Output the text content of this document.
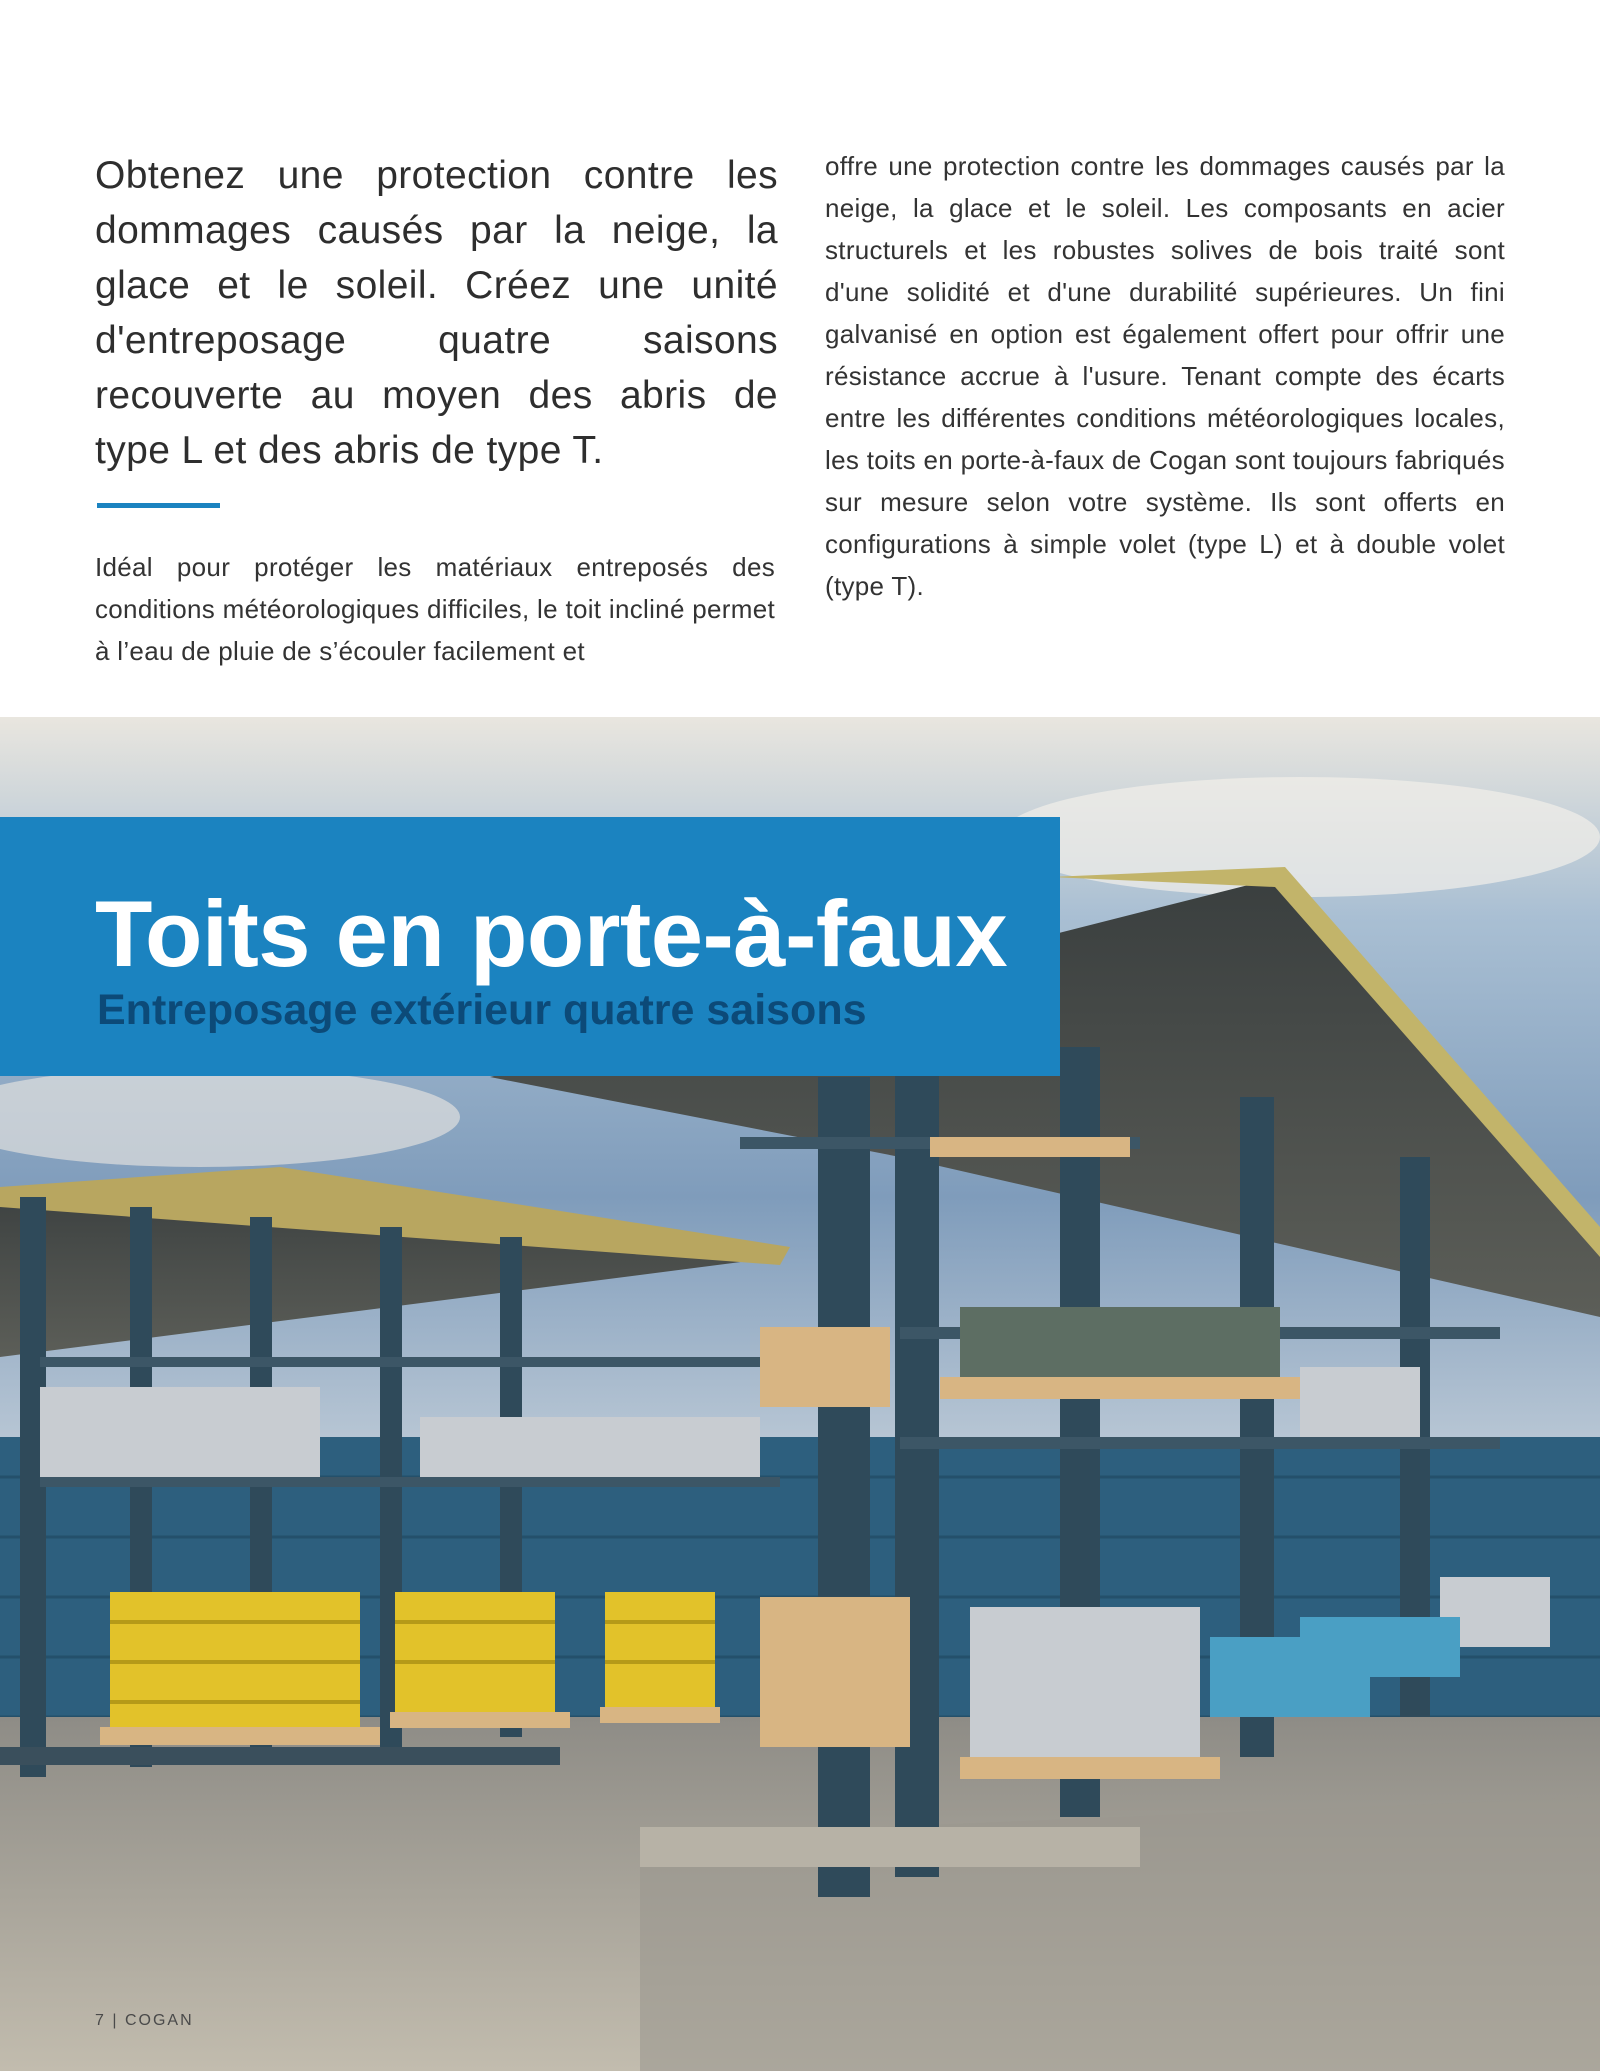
Obtenez une protection contre les dommages causés par la neige, la glace et le soleil. Créez une unité d'entreposage quatre saisons recouverte au moyen des abris de type L et des abris de type T.

Idéal pour protéger les matériaux entreposés des conditions météorologiques difficiles, le toit incliné permet à l’eau de pluie de s’écouler facilement et

offre une protection contre les dommages causés par la neige, la glace et le soleil. Les composants en acier structurels et les robustes solives de bois traité sont d'une solidité et d'une durabilité supérieures. Un fini galvanisé en option est également offert pour offrir une résistance accrue à l'usure. Tenant compte des écarts entre les différentes conditions météorologiques locales, les toits en porte-à-faux de Cogan sont toujours fabriqués sur mesure selon votre système. Ils sont offerts en configurations à simple volet (type L) et à double volet (type T).

Toits en porte-à-faux
Entreposage extérieur quatre saisons
7 | COGAN
